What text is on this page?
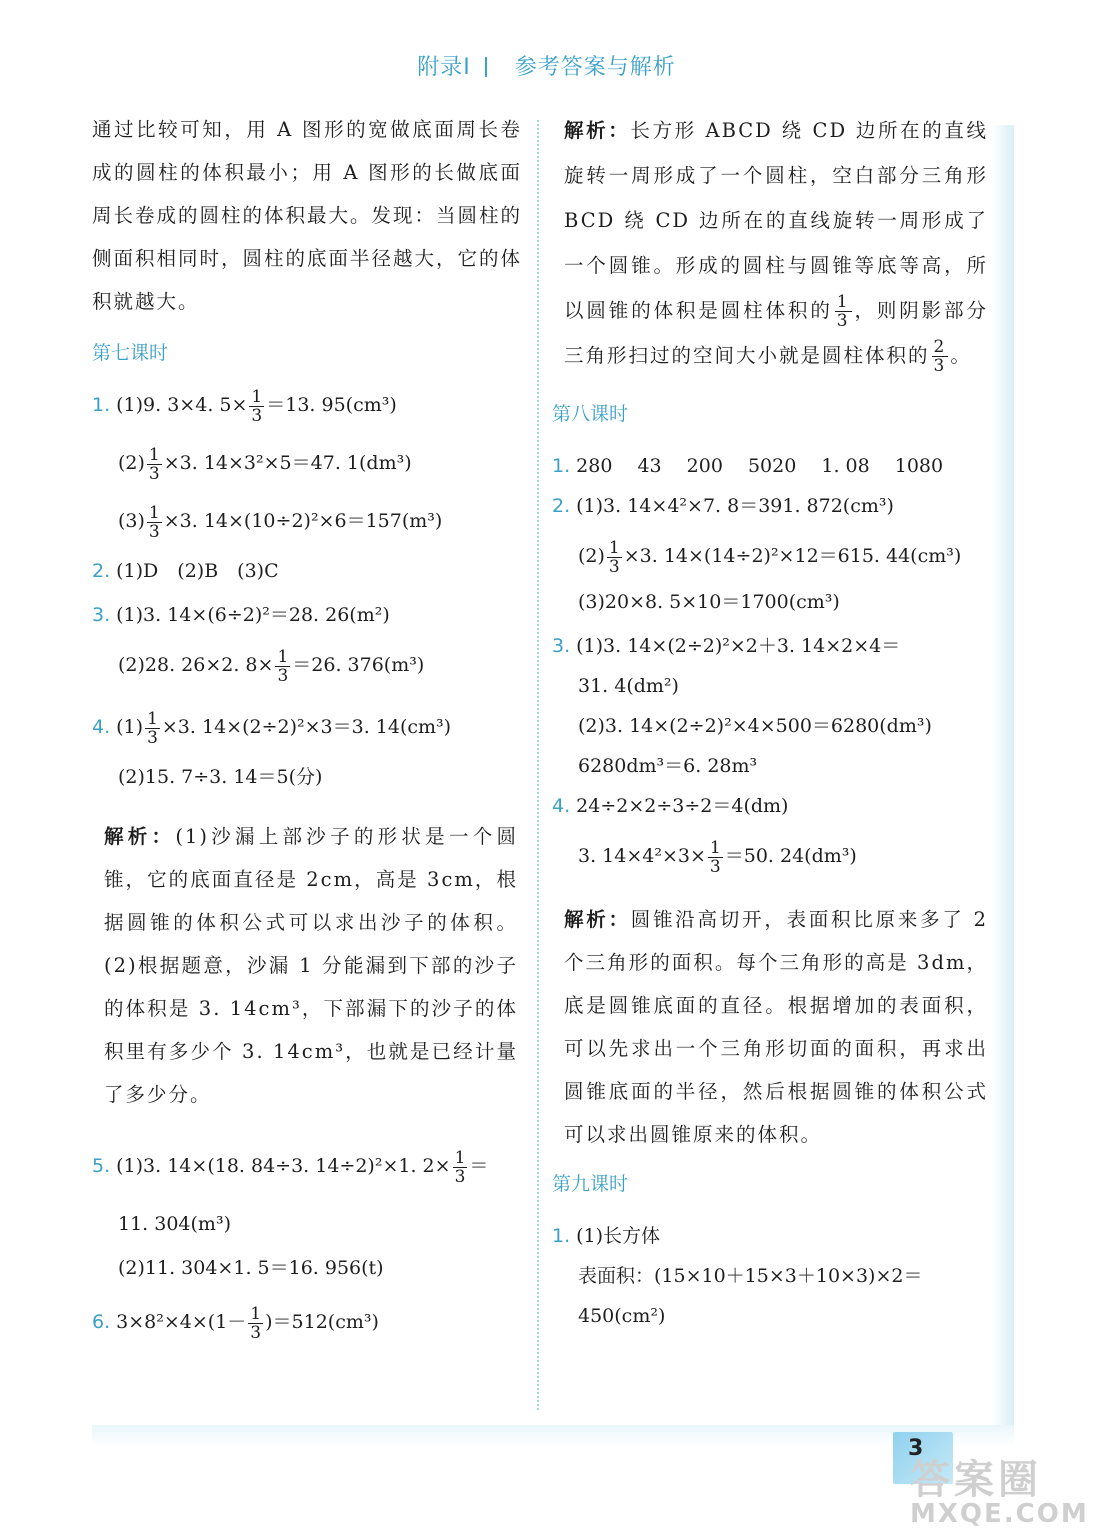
附录Ⅰ 参考答案与解析

通过比较可知，用 A 图形的宽做底面周长卷成的圆柱的体积最小；用 A 图形的长做底面周长卷成的圆柱的体积最大。发现：当圆柱的侧面积相同时，圆柱的底面半径越大，它的体积就越大。

第七课时
1. (1)9. 3×4. $5\times \frac{1}{3} =13$. 95(cm³)
$(2) \frac{1}{3} \times 3$. 14×3²×5＝47. 1(dm³)
$(3) \frac{1}{3} \times 3$. 14×(10÷2)²×6＝157(m³)
2. (1)D　(2)B　(3)C
3. (1)3. 14×(6÷2)²＝28. 26(m²)
(2)28. 26×2. $8\times \frac{1}{3} =26$. 376(m³)
4. $(1) \frac{1}{3} \times 3$. 14×(2÷2)²×3＝3. 14(cm³)
(2)15. 7÷3. 14＝5(分)

解析：(1)沙漏上部沙子的形状是一个圆锥，它的底面直径是 2cm，高是 3cm，根据圆锥的体积公式可以求出沙子的体积。(2)根据题意，沙漏 1 分能漏到下部的沙子的体积是 3. 14cm³，下部漏下的沙子的体积里有多少个 3. 14cm³，也就是已经计量了多少分。

5. (1)3. 14×(18. 84÷3. 14÷2)²×1. $2\times \frac{1}{3}$ ＝
11. 304(m³)
(2)11. 304×1. 5＝16. 956(t)
6. $3\times 8^2\times 4\times(1- \frac{1}{3} )=512(cm^3)$

解析：长方形 ABCD 绕 CD 边所在的直线旋转一周形成了一个圆柱，空白部分三角形 BCD 绕 CD 边所在的直线旋转一周形成了一个圆锥。形成的圆柱与圆锥等底等高，所以圆锥的体积是圆柱体积的 $\frac{1}{3}$ ，则阴影部分三角形扫过的空间大小就是圆柱体积的 $\frac{2}{3}$ 。

第八课时
1. 280　 43　 200　 5020　 1. 08　 1080
2. (1)3. 14×4²×7. 8＝391. 872(cm³)
$(2) \frac{1}{3} \times 3$. 14×(14÷2)²×12＝615. 44(cm³)
(3)20×8. 5×10＝1700(cm³)
3. (1)3. 14×(2÷2)²×2＋3. 14×2×4＝
31. 4(dm²)
(2)3. 14×(2÷2)²×4×500＝6280(dm³)
6280dm³＝6. 28m³
4. 24÷2×2÷3÷2＝4(dm)
3. $14\times 4^2\times 3\times \frac{1}{3} =50$. 24(dm³)

解析：圆锥沿高切开，表面积比原来多了 2 个三角形的面积。每个三角形的高是 3dm，底是圆锥底面的直径。根据增加的表面积，可以先求出一个三角形切面的面积，再求出圆锥底面的半径，然后根据圆锥的体积公式可以求出圆锥原来的体积。

第九课时
1. (1)长方体
表面积：(15×10＋15×3＋10×3)×2＝
450(cm²)
3
答案圈
MXQE.COM
